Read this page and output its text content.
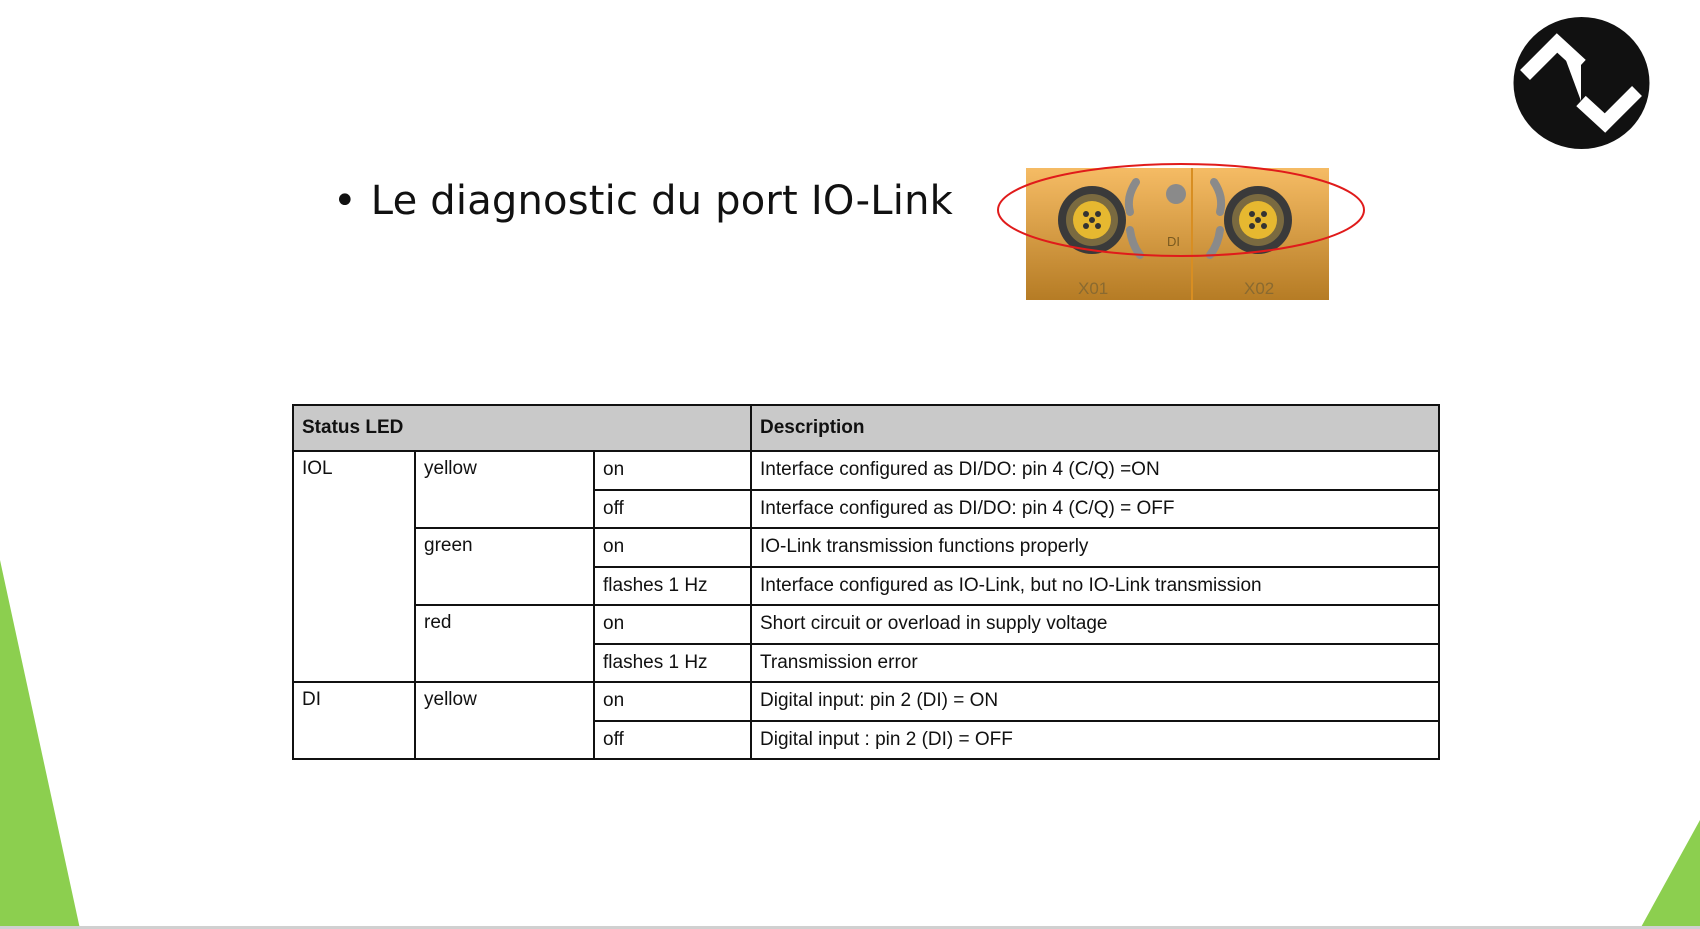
• Le diagnostic du port IO-Link
DI
X01	X02
Status LED			Description
IOL	yellow	on	Interface configured as DI/DO: pin 4 (C/Q) =ON
		off	Interface configured as DI/DO: pin 4 (C/Q) = OFF
	green	on	IO-Link transmission functions properly
		flashes 1 Hz	Interface configured as IO-Link, but no IO-Link transmission
	red	on	Short circuit or overload in supply voltage
		flashes 1 Hz	Transmission error
DI	yellow	on	Digital input: pin 2 (DI) = ON
		off	Digital input : pin 2 (DI) = OFF
